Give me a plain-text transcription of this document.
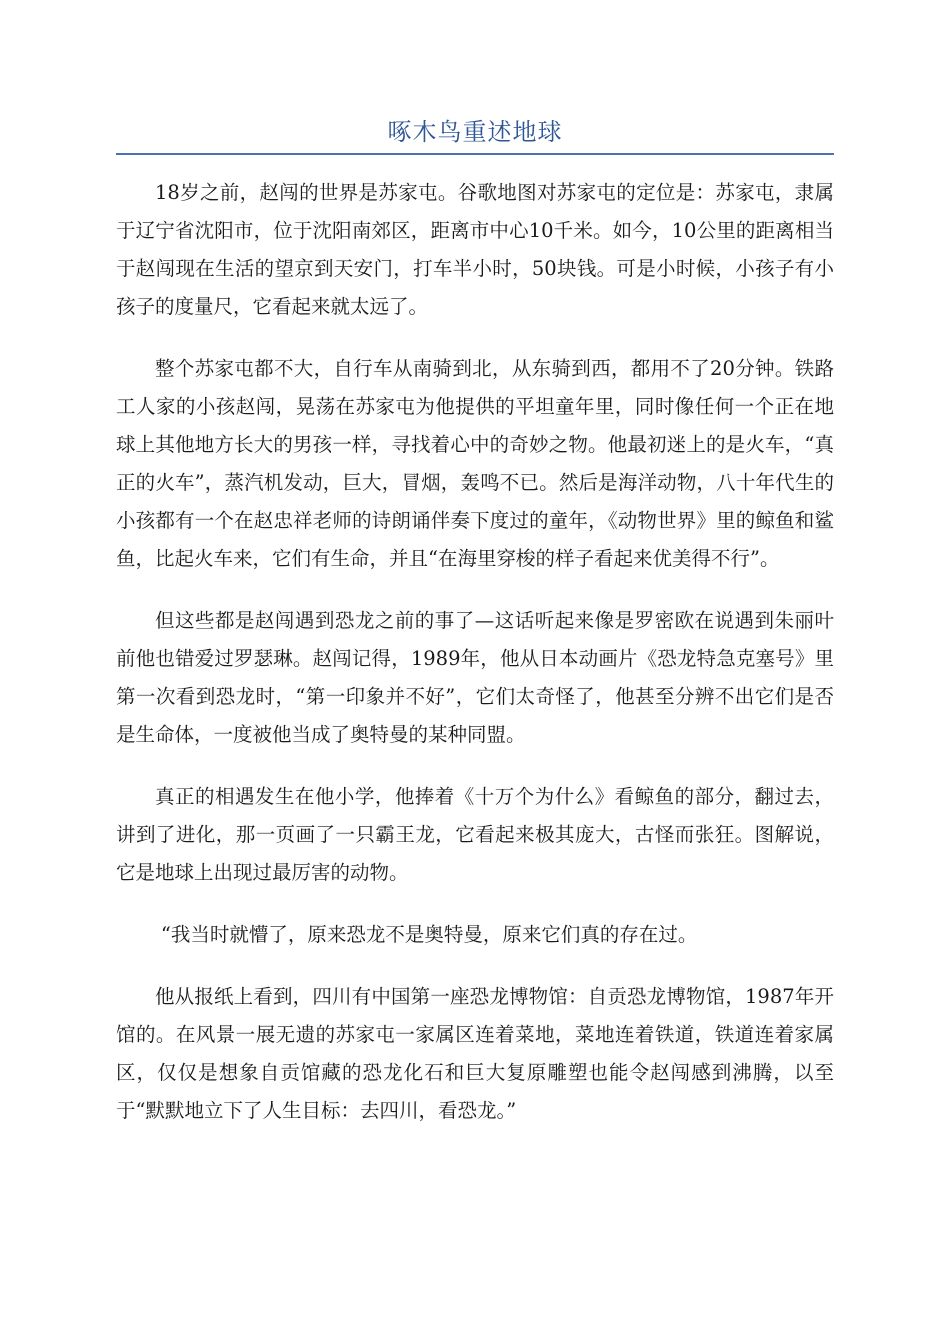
啄木鸟重述地球

18岁之前，赵闯的世界是苏家屯。谷歌地图对苏家屯的定位是：苏家屯，隶属于辽宁省沈阳市，位于沈阳南郊区，距离市中心10千米。如今，10公里的距离相当于赵闯现在生活的望京到天安门，打车半小时，50块钱。可是小时候，小孩子有小孩子的度量尺，它看起来就太远了。

整个苏家屯都不大，自行车从南骑到北，从东骑到西，都用不了20分钟。铁路工人家的小孩赵闯，晃荡在苏家屯为他提供的平坦童年里，同时像任何一个正在地球上其他地方长大的男孩一样，寻找着心中的奇妙之物。他最初迷上的是火车，“真正的火车”，蒸汽机发动，巨大，冒烟，轰鸣不已。然后是海洋动物，八十年代生的小孩都有一个在赵忠祥老师的诗朗诵伴奏下度过的童年，《动物世界》里的鲸鱼和鲨鱼，比起火车来，它们有生命，并且“在海里穿梭的样子看起来优美得不行”。

但这些都是赵闯遇到恐龙之前的事了—这话听起来像是罗密欧在说遇到朱丽叶前他也错爱过罗瑟琳。赵闯记得，1989年，他从日本动画片《恐龙特急克塞号》里第一次看到恐龙时，“第一印象并不好”，它们太奇怪了，他甚至分辨不出它们是否是生命体，一度被他当成了奥特曼的某种同盟。

真正的相遇发生在他小学，他捧着《十万个为什么》看鲸鱼的部分，翻过去，讲到了进化，那一页画了一只霸王龙，它看起来极其庞大，古怪而张狂。图解说，它是地球上出现过最厉害的动物。

“我当时就懵了，原来恐龙不是奥特曼，原来它们真的存在过。

他从报纸上看到，四川有中国第一座恐龙博物馆：自贡恐龙博物馆，1987年开馆的。在风景一展无遗的苏家屯一家属区连着菜地，菜地连着铁道，铁道连着家属区，仅仅是想象自贡馆藏的恐龙化石和巨大复原雕塑也能令赵闯感到沸腾，以至于“默默地立下了人生目标：去四川，看恐龙。”
